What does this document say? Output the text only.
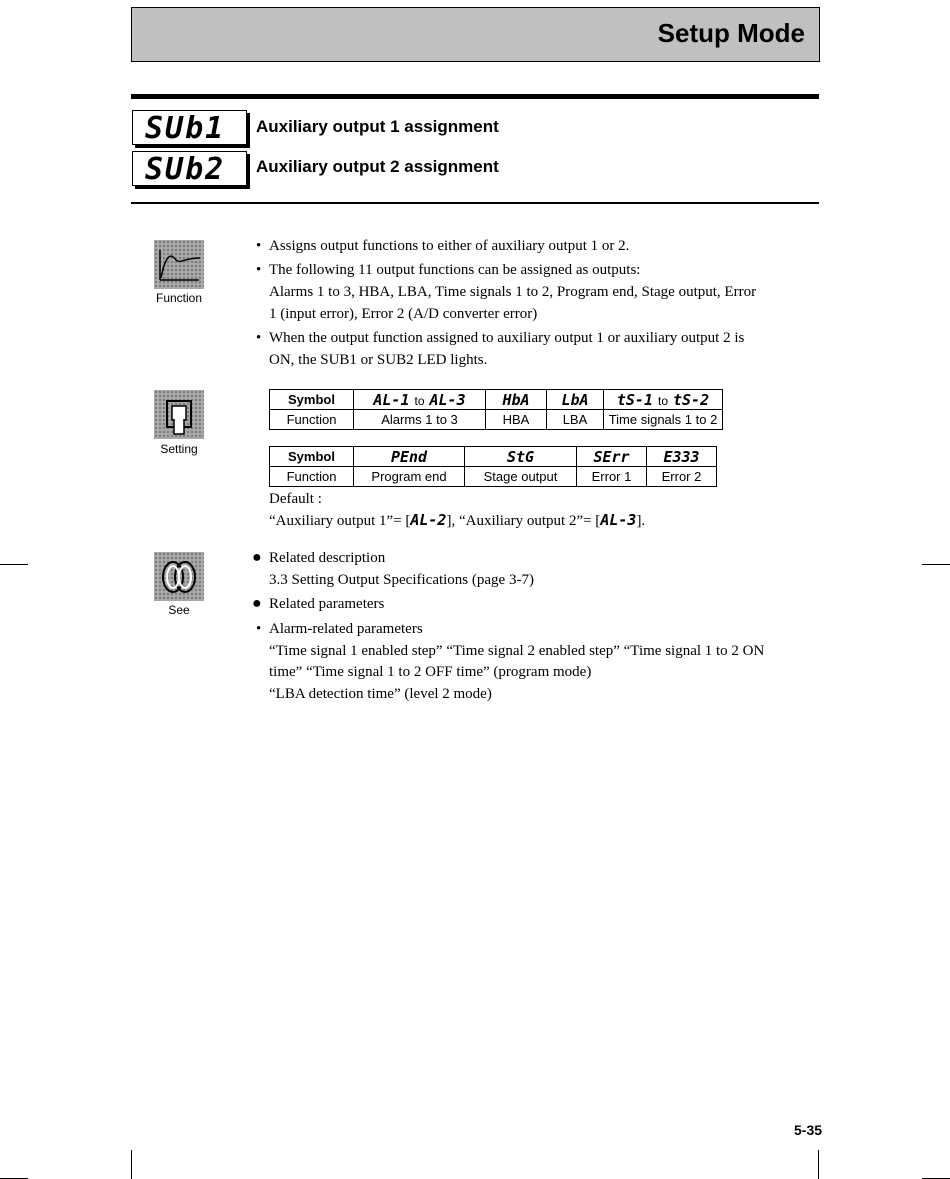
Setup Mode
SUb1 Auxiliary output 1 assignment
SUb2 Auxiliary output 2 assignment
Function
• Assigns output functions to either of auxiliary output 1 or 2.
• The following 11 output functions can be assigned as outputs:
Alarms 1 to 3, HBA, LBA, Time signals 1 to 2, Program end, Stage output, Error
1 (input error), Error 2 (A/D converter error)
• When the output function assigned to auxiliary output 1 or auxiliary output 2 is
ON, the SUB1 or SUB2 LED lights.
Setting
Symbol	AL-1 to AL-3	HbA	LbA	tS-1 to tS-2
Function	Alarms 1 to 3	HBA	LBA	Time signals 1 to 2
Symbol	PEnd	StG	SErr	E333
Function	Program end	Stage output	Error 1	Error 2
Default :
“Auxiliary output 1”= [AL-2], “Auxiliary output 2”= [AL-3].
See
● Related description
3.3 Setting Output Specifications (page 3-7)
● Related parameters
• Alarm-related parameters
“Time signal 1 enabled step” “Time signal 2 enabled step” “Time signal 1 to 2 ON
time” “Time signal 1 to 2 OFF time” (program mode)
“LBA detection time” (level 2 mode)
5-35
